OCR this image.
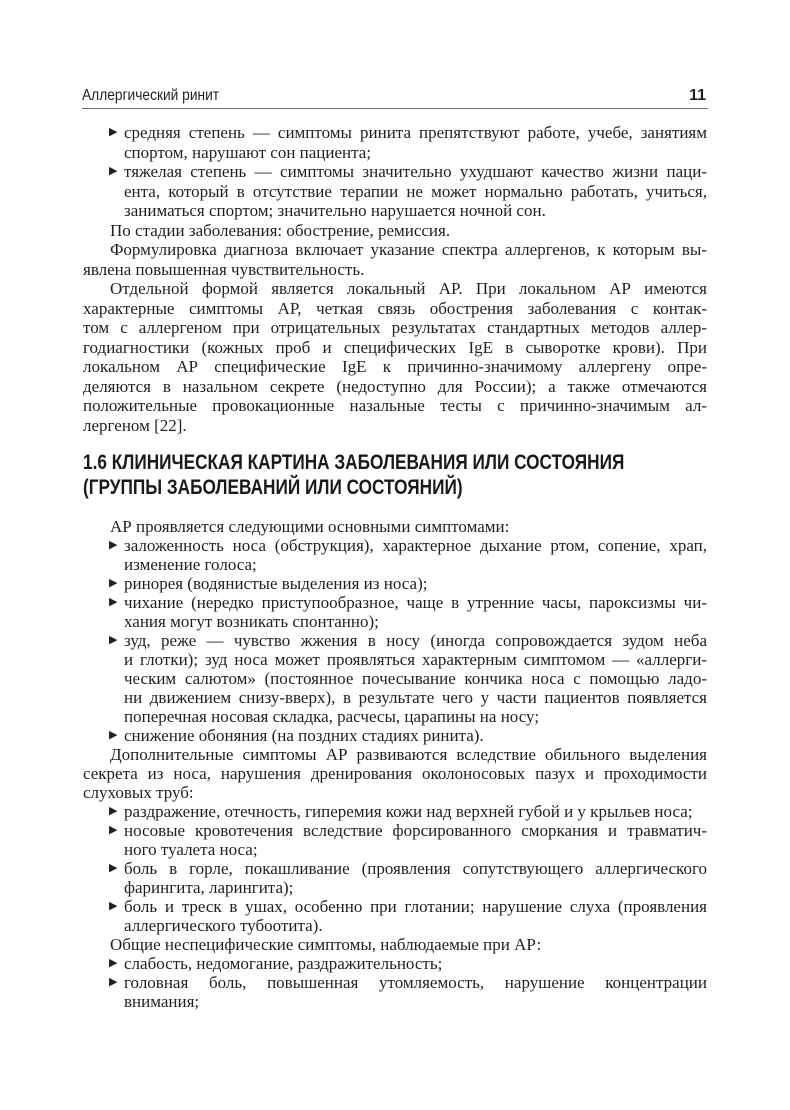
Аллергический ринит	11
▶ средняя степень — симптомы ринита препятствуют работе, учебе, занятиям
спортом, нарушают сон пациента;
▶ тяжелая степень — симптомы значительно ухудшают качество жизни паци-
ента, который в отсутствие терапии не может нормально работать, учиться,
заниматься спортом; значительно нарушается ночной сон.
По стадии заболевания: обострение, ремиссия.
Формулировка диагноза включает указание спектра аллергенов, к которым вы-
явлена повышенная чувствительность.
Отдельной формой является локальный АР. При локальном АР имеются
характерные симптомы АР, четкая связь обострения заболевания с контак-
том с аллергеном при отрицательных результатах стандартных методов аллер-
годиагностики (кожных проб и специфических IgE в сыворотке крови). При
локальном АР специфические IgE к причинно-значимому аллергену опре-
деляются в назальном секрете (недоступно для России); а также отмечаются
положительные провокационные назальные тесты с причинно-значимым ал-
лергеном [22].
1.6 КЛИНИЧЕСКАЯ КАРТИНА ЗАБОЛЕВАНИЯ ИЛИ СОСТОЯНИЯ
(ГРУППЫ ЗАБОЛЕВАНИЙ ИЛИ СОСТОЯНИЙ)
АР проявляется следующими основными симптомами:
▶ заложенность носа (обструкция), характерное дыхание ртом, сопение, храп,
изменение голоса;
▶ ринорея (водянистые выделения из носа);
▶ чихание (нередко приступообразное, чаще в утренние часы, пароксизмы чи-
хания могут возникать спонтанно);
▶ зуд, реже — чувство жжения в носу (иногда сопровождается зудом неба
и глотки); зуд носа может проявляться характерным симптомом — «аллерги-
ческим салютом» (постоянное почесывание кончика носа с помощью ладо-
ни движением снизу-вверх), в результате чего у части пациентов появляется
поперечная носовая складка, расчесы, царапины на носу;
▶ снижение обоняния (на поздних стадиях ринита).
Дополнительные симптомы АР развиваются вследствие обильного выделения
секрета из носа, нарушения дренирования околоносовых пазух и проходимости
слуховых труб:
▶ раздражение, отечность, гиперемия кожи над верхней губой и у крыльев носа;
▶ носовые кровотечения вследствие форсированного сморкания и травматич-
ного туалета носа;
▶ боль в горле, покашливание (проявления сопутствующего аллергического
фарингита, ларингита);
▶ боль и треск в ушах, особенно при глотании; нарушение слуха (проявления
аллергического тубоотита).
Общие неспецифические симптомы, наблюдаемые при АР:
▶ слабость, недомогание, раздражительность;
▶ головная боль, повышенная утомляемость, нарушение концентрации
внимания;
